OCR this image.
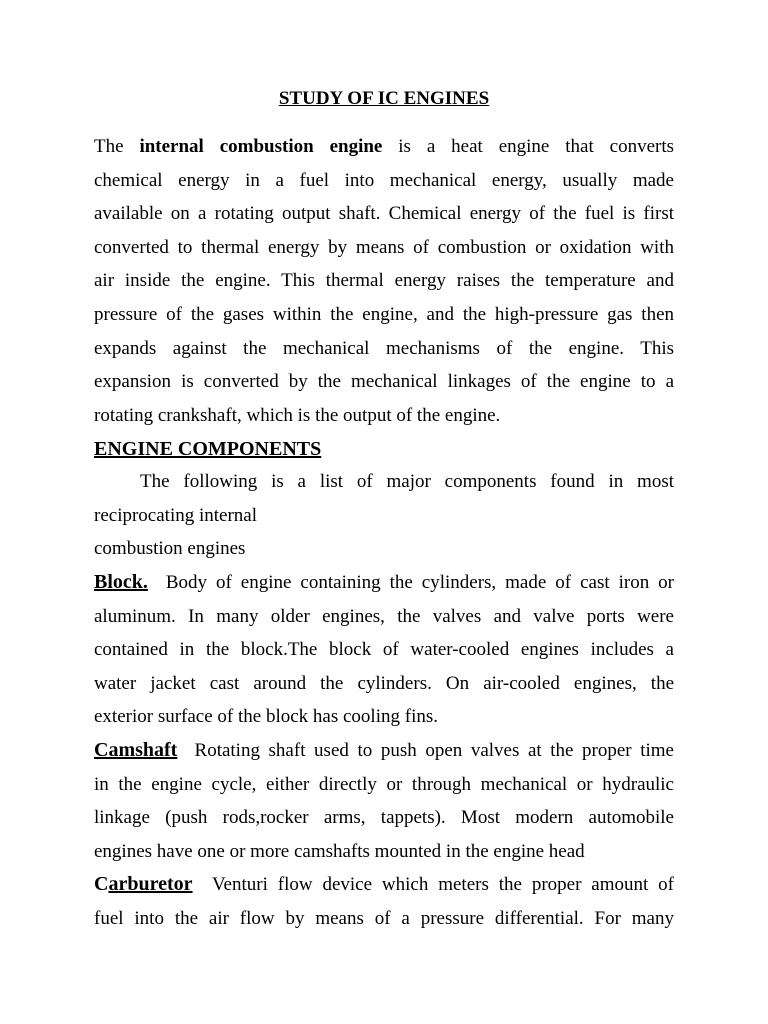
STUDY OF IC ENGINES
The internal combustion engine is a heat engine that converts
chemical energy in a fuel into mechanical energy, usually made
available on a rotating output shaft. Chemical energy of the fuel is first
converted to thermal energy by means of combustion or oxidation with
air inside the engine. This thermal energy raises the temperature and
pressure of the gases within the engine, and the high-pressure gas then
expands against the mechanical mechanisms of the engine. This
expansion is converted by the mechanical linkages of the engine to a
rotating crankshaft, which is the output of the engine.
ENGINE COMPONENTS
The following is a list of major components found in most
reciprocating internal
combustion engines
Block. Body of engine containing the cylinders, made of cast iron or
aluminum. In many older engines, the valves and valve ports were
contained in the block.The block of water-cooled engines includes a
water jacket cast around the cylinders. On air-cooled engines, the
exterior surface of the block has cooling fins.
Camshaft Rotating shaft used to push open valves at the proper time
in the engine cycle, either directly or through mechanical or hydraulic
linkage (push rods,rocker arms, tappets). Most modern automobile
engines have one or more camshafts mounted in the engine head
Carburetor Venturi flow device which meters the proper amount of
fuel into the air flow by means of a pressure differential. For many
